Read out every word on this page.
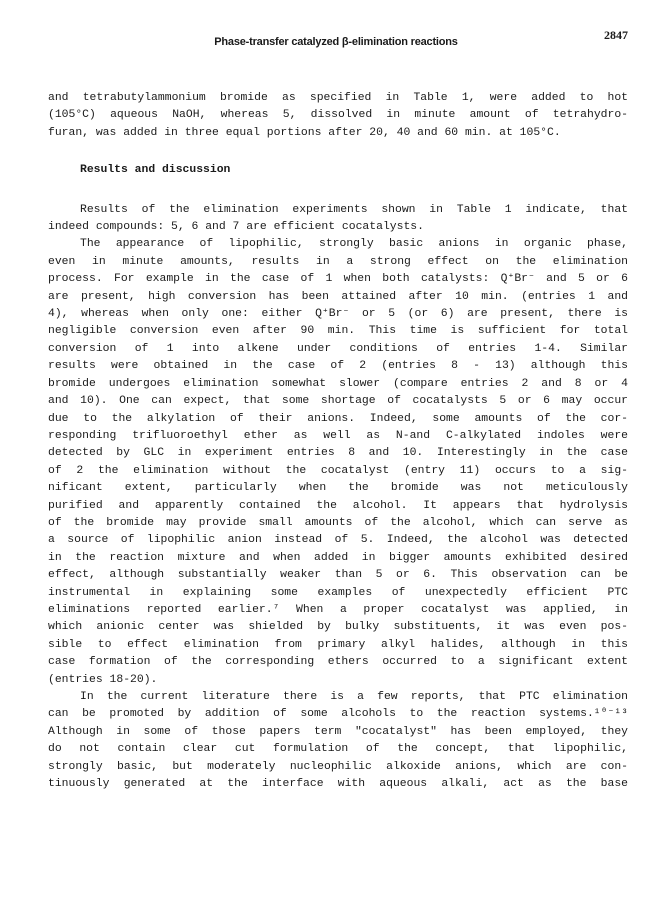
Phase-transfer catalyzed β-elimination reactions	2847

and tetrabutylammonium bromide as specified in Table 1, were added to hot
(105°C) aqueous NaOH, whereas 5, dissolved in minute amount of tetrahydro-
furan, was added in three equal portions after 20, 40 and 60 min. at 105°C.

Results and discussion

Results of the elimination experiments shown in Table 1 indicate, that
indeed compounds: 5, 6 and 7 are efficient cocatalysts.

The appearance of lipophilic, strongly basic anions in organic phase,
even in minute amounts, results in a strong effect on the elimination
process. For example in the case of 1 when both catalysts: Q⁺Br⁻ and 5 or 6
are present, high conversion has been attained after 10 min. (entries 1 and
4), whereas when only one: either Q⁺Br⁻ or 5 (or 6) are present, there is
negligible conversion even after 90 min. This time is sufficient for total
conversion of 1 into alkene under conditions of entries 1-4. Similar
results were obtained in the case of 2 (entries 8 - 13) although this
bromide undergoes elimination somewhat slower (compare entries 2 and 8 or 4
and 10). One can expect, that some shortage of cocatalysts 5 or 6 may occur
due to the alkylation of their anions. Indeed, some amounts of the cor-
responding trifluoroethyl ether as well as N-and C-alkylated indoles were
detected by GLC in experiment entries 8 and 10. Interestingly in the case
of 2 the elimination without the cocatalyst (entry 11) occurs to a sig-
nificant extent, particularly when the bromide was not meticulously
purified and apparently contained the alcohol. It appears that hydrolysis
of the bromide may provide small amounts of the alcohol, which can serve as
a source of lipophilic anion instead of 5. Indeed, the alcohol was detected
in the reaction mixture and when added in bigger amounts exhibited desired
effect, although substantially weaker than 5 or 6. This observation can be
instrumental in explaining some examples of unexpectedly efficient PTC
eliminations reported earlier.⁷ When a proper cocatalyst was applied, in
which anionic center was shielded by bulky substituents, it was even pos-
sible to effect elimination from primary alkyl halides, although in this
case formation of the corresponding ethers occurred to a significant extent
(entries 18-20).

In the current literature there is a few reports, that PTC elimination
can be promoted by addition of some alcohols to the reaction systems.¹⁰⁻¹³
Although in some of those papers term "cocatalyst" has been employed, they
do not contain clear cut formulation of the concept, that lipophilic,
strongly basic, but moderately nucleophilic alkoxide anions, which are con-
tinuously generated at the interface with aqueous alkali, act as the base
